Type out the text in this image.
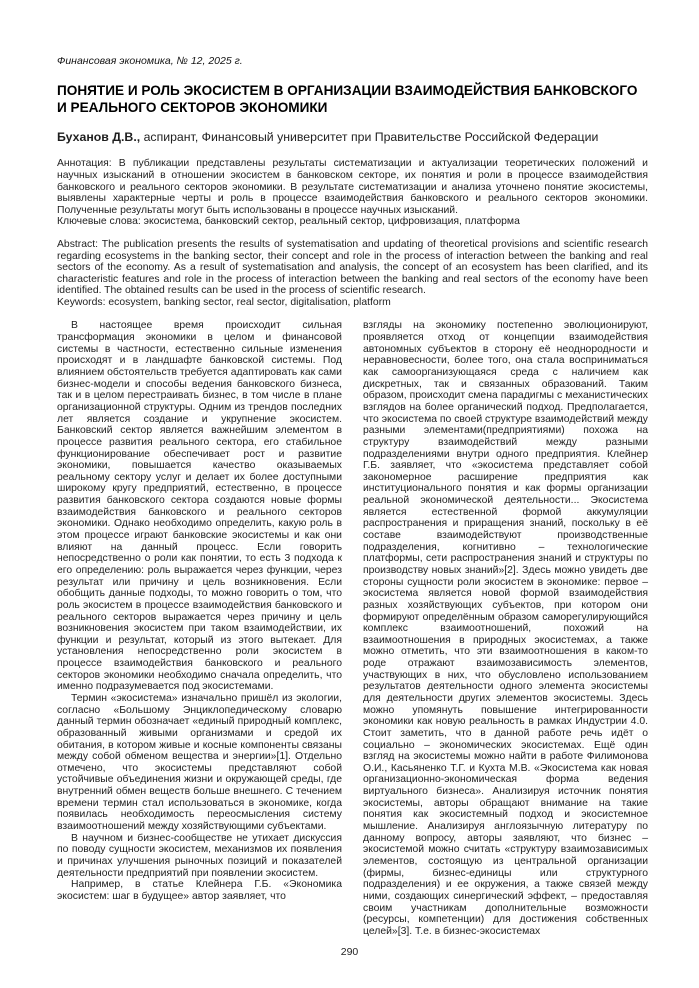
Финансовая экономика, № 12, 2025 г.
ПОНЯТИЕ И РОЛЬ ЭКОСИСТЕМ В ОРГАНИЗАЦИИ ВЗАИМОДЕЙСТВИЯ БАНКОВСКОГО И РЕАЛЬНОГО СЕКТОРОВ ЭКОНОМИКИ

Буханов Д.В., аспирант, Финансовый университет при Правительстве Российской Федерации

Аннотация: В публикации представлены результаты систематизации и актуализации теоретических положений и научных изысканий в отношении экосистем в банковском секторе, их понятия и роли в процессе взаимодействия банковского и реального секторов экономики. В результате систематизации и анализа уточнено понятие экосистемы, выявлены характерные черты и роль в процессе взаимодействия банковского и реального секторов экономики. Полученные результаты могут быть использованы в процессе научных изысканий.

Ключевые слова: экосистема, банковский сектор, реальный сектор, цифровизация, платформа

Abstract: The publication presents the results of systematisation and updating of theoretical provisions and scientific research regarding ecosystems in the banking sector, their concept and role in the process of interaction between the banking and real sectors of the economy. As a result of systematisation and analysis, the concept of an ecosystem has been clarified, and its characteristic features and role in the process of interaction between the banking and real sectors of the economy have been identified. The obtained results can be used in the process of scientific research.

Keywords: ecosystem, banking sector, real sector, digitalisation, platform

В настоящее время происходит сильная трансформация экономики в целом и финансовой системы в частности, естественно сильные изменения происходят и в ландшафте банковской системы. Под влиянием обстоятельств требуется адаптировать как сами бизнес-модели и способы ведения банковского бизнеса, так и в целом перестраивать бизнес, в том числе в плане организационной структуры. Одним из трендов последних лет является создание и укрупнение экосистем. Банковский сектор является важнейшим элементом в процессе развития реального сектора, его стабильное функционирование обеспечивает рост и развитие экономики, повышается качество оказываемых реальному сектору услуг и делает их более доступными широкому кругу предприятий, естественно, в процессе развития банковского сектора создаются новые формы взаимодействия банковского и реального секторов экономики. Однако необходимо определить, какую роль в этом процессе играют банковские экосистемы и как они влияют на данный процесс. Если говорить непосредственно о роли как понятии, то есть 3 подхода к его определению: роль выражается через функции, через результат или причину и цель возникновения. Если обобщить данные подходы, то можно говорить о том, что роль экосистем в процессе взаимодействия банковского и реального секторов выражается через причину и цель возникновения экосистем при таком взаимодействии, их функции и результат, который из этого вытекает. Для установления непосредственно роли экосистем в процессе взаимодействия банковского и реального секторов экономики необходимо сначала определить, что именно подразумевается под экосистемами.

Термин «экосистема» изначально пришёл из экологии, согласно «Большому Энциклопедическому словарю данный термин обозначает «единый природный комплекс, образованный живыми организмами и средой их обитания, в котором живые и косные компоненты связаны между собой обменом вещества и энергии»[1]. Отдельно отмечено, что экосистемы представляют собой устойчивые объединения жизни и окружающей среды, где внутренний обмен веществ больше внешнего. С течением времени термин стал использоваться в экономике, когда появилась необходимость переосмысления систему взаимоотношений между хозяйствующими субъектами.

В научном и бизнес-сообществе не утихает дискуссия по поводу сущности экосистем, механизмов их появления и причинах улучшения рыночных позиций и показателей деятельности предприятий при появлении экосистем.

Например, в статье Клейнера Г.Б. «Экономика экосистем: шаг в будущее» автор заявляет, что

взгляды на экономику постепенно эволюционируют, проявляется отход от концепции взаимодействия автономных субъектов в сторону её неоднородности и неравновесности, более того, она стала восприниматься как самоорганизующаяся среда с наличием как дискретных, так и связанных образований. Таким образом, происходит смена парадигмы с механистических взглядов на более органический подход. Предполагается, что экосистема по своей структуре взаимодействий между разными элементами(предприятиями) похожа на структуру взаимодействий между разными подразделениями внутри одного предприятия. Клейнер Г.Б. заявляет, что «экосистема представляет собой закономерное расширение предприятия как институционального понятия и как формы организации реальной экономической деятельности... Экосистема является естественной формой аккумуляции распространения и приращения знаний, поскольку в её составе взаимодействуют производственные подразделения, когнитивно – технологические платформы, сети распространения знаний и структуры по производству новых знаний»[2]. Здесь можно увидеть две стороны сущности роли экосистем в экономике: первое – экосистема является новой формой взаимодействия разных хозяйствующих субъектов, при котором они формируют определённым образом саморегулирующийся комплекс взаимоотношений, похожий на взаимоотношения в природных экосистемах, а также можно отметить, что эти взаимоотношения в каком-то роде отражают взаимозависимость элементов, участвующих в них, что обусловлено использованием результатов деятельности одного элемента экосистемы для деятельности других элементов экосистемы. Здесь можно упомянуть повышение интегрированности экономики как новую реальность в рамках Индустрии 4.0. Стоит заметить, что в данной работе речь идёт о социально – экономических экосистемах. Ещё один взгляд на экосистемы можно найти в работе Филимонова О.И., Касьяненко Т.Г. и Кухта М.В. «Экосистема как новая организационно-экономическая форма ведения виртуального бизнеса». Анализируя источник понятия экосистемы, авторы обращают внимание на такие понятия как экосистемный подход и экосистемное мышление. Анализируя англоязычную литературу по данному вопросу, авторы заявляют, что бизнес – экосистемой можно считать «структуру взаимозависимых элементов, состоящую из центральной организации (фирмы, бизнес-единицы или структурного подразделения) и ее окружения, а также связей между ними, создающих синергический эффект, – предоставляя своим участникам дополнительные возможности (ресурсы, компетенции) для достижения собственных целей»[3]. Т.е. в бизнес-экосистемах

290
